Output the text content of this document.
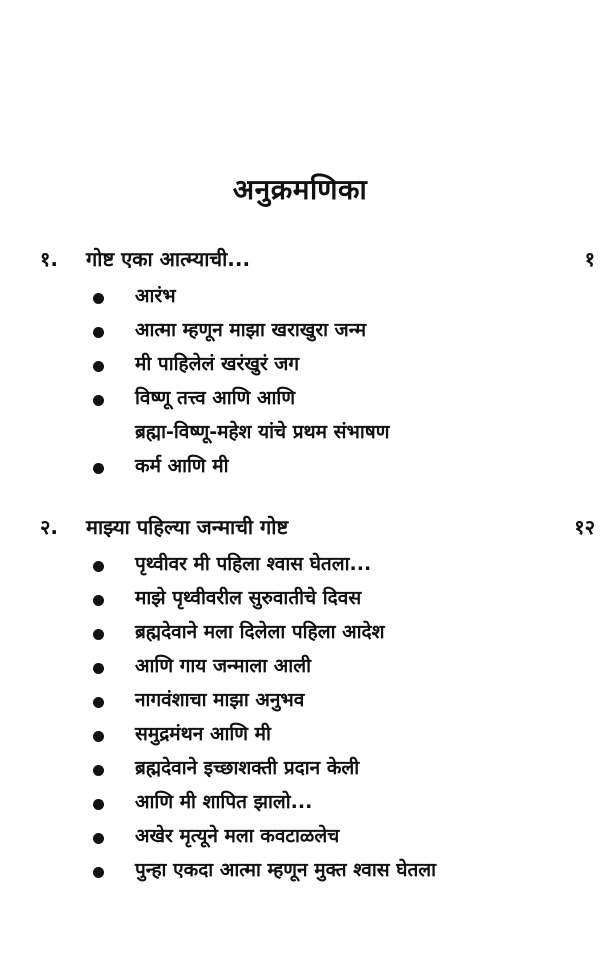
अनुक्रमणिका
१. गोष्ट एका आत्म्याची...	१
आरंभ
आत्मा म्हणून माझा खराखुरा जन्म
मी पाहिलेलं खरंखुरं जग
विष्णू तत्त्व आणि आणि
ब्रह्मा-विष्णू-महेश यांचे प्रथम संभाषण
कर्म आणि मी
२. माझ्या पहिल्या जन्माची गोष्ट	१२
पृथ्वीवर मी पहिला श्वास घेतला...
माझे पृथ्वीवरील सुरुवातीचे दिवस
ब्रह्मदेवाने मला दिलेला पहिला आदेश
आणि गाय जन्माला आली
नागवंशाचा माझा अनुभव
समुद्रमंथन आणि मी
ब्रह्मदेवाने इच्छाशक्ती प्रदान केली
आणि मी शापित झालो...
अखेर मृत्यूने मला कवटाळलेच
पुन्हा एकदा आत्मा म्हणून मुक्त श्वास घेतला
